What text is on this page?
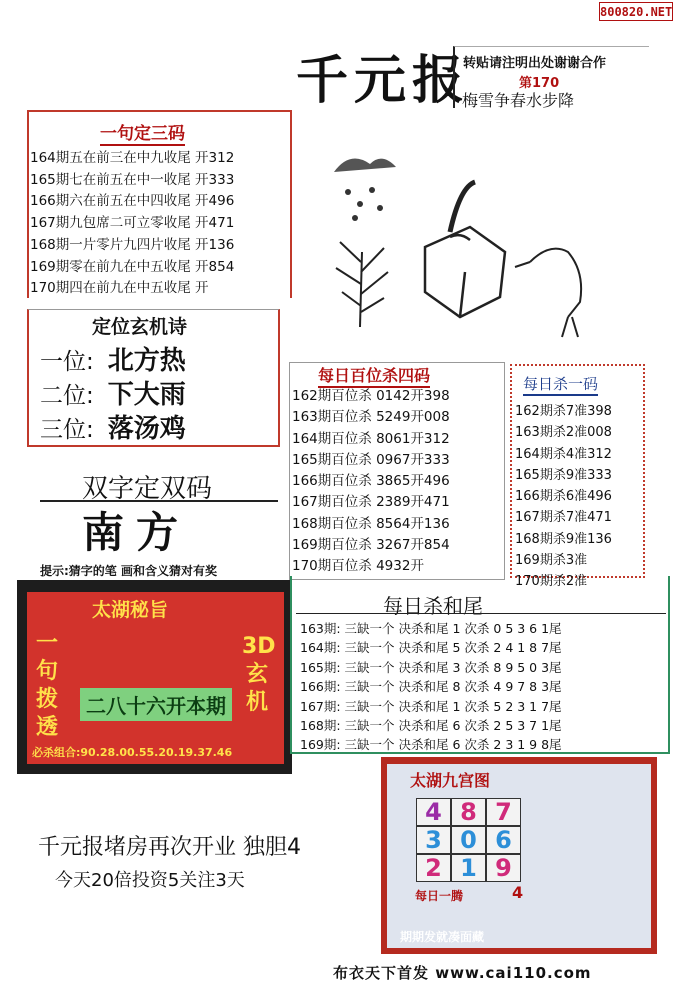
800820.NET
千元报
转贴请注明出处谢谢合作
第170
梅雪争春水步降
一句定三码
164期五在前三在中九收尾 开312
165期七在前五在中一收尾 开333
166期六在前五在中四收尾 开496
167期九包席二可立零收尾 开471
168期一片零片九四片收尾 开136
169期零在前九在中五收尾 开854
170期四在前九在中五收尾 开
定位玄机诗
一位: 北方热
二位: 下大雨
三位: 落汤鸡
双字定双码
南方
提示:猜字的笔 画和含义猜对有奖
太湖秘旨
一句拨透
3D玄机
二八十六开本期
必杀组合:90.28.00.55.20.19.37.46
千元报堵房再次开业 独胆4
今天20倍投资5关注3天
布衣天下首发 www.cai110.com
每日百位杀四码
162期百位杀 0142开398
163期百位杀 5249开008
164期百位杀 8061开312
165期百位杀 0967开333
166期百位杀 3865开496
167期百位杀 2389开471
168期百位杀 8564开136
169期百位杀 3267开854
170期百位杀 4932开
每日杀一码
162期杀7准398
163期杀2准008
164期杀4准312
165期杀9准333
166期杀6准496
167期杀7准471
168期杀9准136
169期杀3准
170期杀2准
每日杀和尾
163期: 三缺一个 决杀和尾 1 次杀 0 5 3 6 1尾
164期: 三缺一个 决杀和尾 5 次杀 2 4 1 8 7尾
165期: 三缺一个 决杀和尾 3 次杀 8 9 5 0 3尾
166期: 三缺一个 决杀和尾 8 次杀 4 9 7 8 3尾
167期: 三缺一个 决杀和尾 1 次杀 5 2 3 1 7尾
168期: 三缺一个 决杀和尾 6 次杀 2 5 3 7 1尾
169期: 三缺一个 决杀和尾 6 次杀 2 3 1 9 8尾
太湖九宫图
4 8 7
3 0 6
2 1 9
每日一腾	4
期期发就凑面藏
